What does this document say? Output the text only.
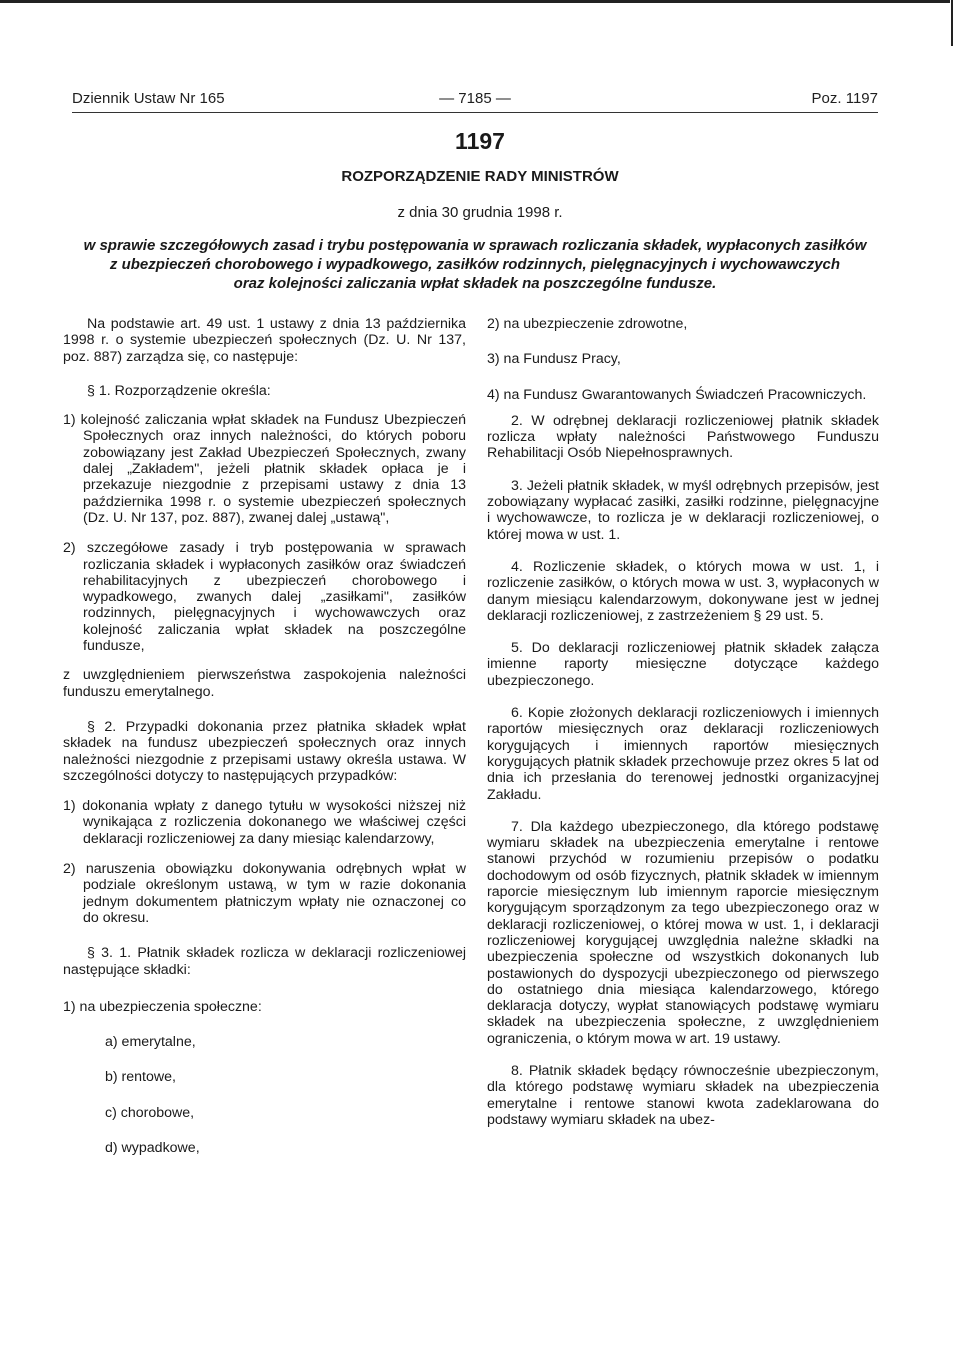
Dziennik Ustaw Nr 165	— 7185 —	Poz. 1197
1197
ROZPORZĄDZENIE RADY MINISTRÓW
z dnia 30 grudnia 1998 r.
w sprawie szczegółowych zasad i trybu postępowania w sprawach rozliczania składek, wypłaconych zasiłków
z ubezpieczeń chorobowego i wypadkowego, zasiłków rodzinnych, pielęgnacyjnych i wychowawczych
oraz kolejności zaliczania wpłat składek na poszczególne fundusze.

Na podstawie art. 49 ust. 1 ustawy z dnia 13 października 1998 r. o systemie ubezpieczeń społecznych (Dz. U. Nr 137, poz. 887) zarządza się, co następuje:

§ 1. Rozporządzenie określa:

1) kolejność zaliczania wpłat składek na Fundusz Ubezpieczeń Społecznych oraz innych należności, do których poboru zobowiązany jest Zakład Ubezpieczeń Społecznych, zwany dalej „Zakładem", jeżeli płatnik składek opłaca je i przekazuje niezgodnie z przepisami ustawy z dnia 13 października 1998 r. o systemie ubezpieczeń społecznych (Dz. U. Nr 137, poz. 887), zwanej dalej „ustawą",

2) szczegółowe zasady i tryb postępowania w sprawach rozliczania składek i wypłaconych zasiłków oraz świadczeń rehabilitacyjnych z ubezpieczeń chorobowego i wypadkowego, zwanych dalej „zasiłkami", zasiłków rodzinnych, pielęgnacyjnych i wychowawczych oraz kolejność zaliczania wpłat składek na poszczególne fundusze,

z uwzględnieniem pierwszeństwa zaspokojenia należności funduszu emerytalnego.

§ 2. Przypadki dokonania przez płatnika składek wpłat składek na fundusz ubezpieczeń społecznych oraz innych należności niezgodnie z przepisami ustawy określa ustawa. W szczególności dotyczy to następujących przypadków:

1) dokonania wpłaty z danego tytułu w wysokości niższej niż wynikająca z rozliczenia dokonanego we właściwej części deklaracji rozliczeniowej za dany miesiąc kalendarzowy,

2) naruszenia obowiązku dokonywania odrębnych wpłat w podziale określonym ustawą, w tym w razie dokonania jednym dokumentem płatniczym wpłaty nie oznaczonej co do okresu.

§ 3. 1. Płatnik składek rozlicza w deklaracji rozliczeniowej następujące składki:

1) na ubezpieczenia społeczne:

a) emerytalne,

b) rentowe,

c) chorobowe,

d) wypadkowe,

2) na ubezpieczenie zdrowotne,

3) na Fundusz Pracy,

4) na Fundusz Gwarantowanych Świadczeń Pracowniczych.

2. W odrębnej deklaracji rozliczeniowej płatnik składek rozlicza wpłaty należności Państwowego Funduszu Rehabilitacji Osób Niepełnosprawnych.

3. Jeżeli płatnik składek, w myśl odrębnych przepisów, jest zobowiązany wypłacać zasiłki, zasiłki rodzinne, pielęgnacyjne i wychowawcze, to rozlicza je w deklaracji rozliczeniowej, o której mowa w ust. 1.

4. Rozliczenie składek, o których mowa w ust. 1, i rozliczenie zasiłków, o których mowa w ust. 3, wypłaconych w danym miesiącu kalendarzowym, dokonywane jest w jednej deklaracji rozliczeniowej, z zastrzeżeniem § 29 ust. 5.

5. Do deklaracji rozliczeniowej płatnik składek załącza imienne raporty miesięczne dotyczące każdego ubezpieczonego.

6. Kopie złożonych deklaracji rozliczeniowych i imiennych raportów miesięcznych oraz deklaracji rozliczeniowych korygujących i imiennych raportów miesięcznych korygujących płatnik składek przechowuje przez okres 5 lat od dnia ich przesłania do terenowej jednostki organizacyjnej Zakładu.

7. Dla każdego ubezpieczonego, dla którego podstawę wymiaru składek na ubezpieczenia emerytalne i rentowe stanowi przychód w rozumieniu przepisów o podatku dochodowym od osób fizycznych, płatnik składek w imiennym raporcie miesięcznym lub imiennym raporcie miesięcznym korygującym sporządzonym za tego ubezpieczonego oraz w deklaracji rozliczeniowej, o której mowa w ust. 1, i deklaracji rozliczeniowej korygującej uwzględnia należne składki na ubezpieczenia społeczne od wszystkich dokonanych lub postawionych do dyspozycji ubezpieczonego od pierwszego do ostatniego dnia miesiąca kalendarzowego, którego deklaracja dotyczy, wypłat stanowiących podstawę wymiaru składek na ubezpieczenia społeczne, z uwzględnieniem ograniczenia, o którym mowa w art. 19 ustawy.

8. Płatnik składek będący równocześnie ubezpieczonym, dla którego podstawę wymiaru składek na ubezpieczenia emerytalne i rentowe stanowi kwota zadeklarowana do podstawy wymiaru składek na ubez-
